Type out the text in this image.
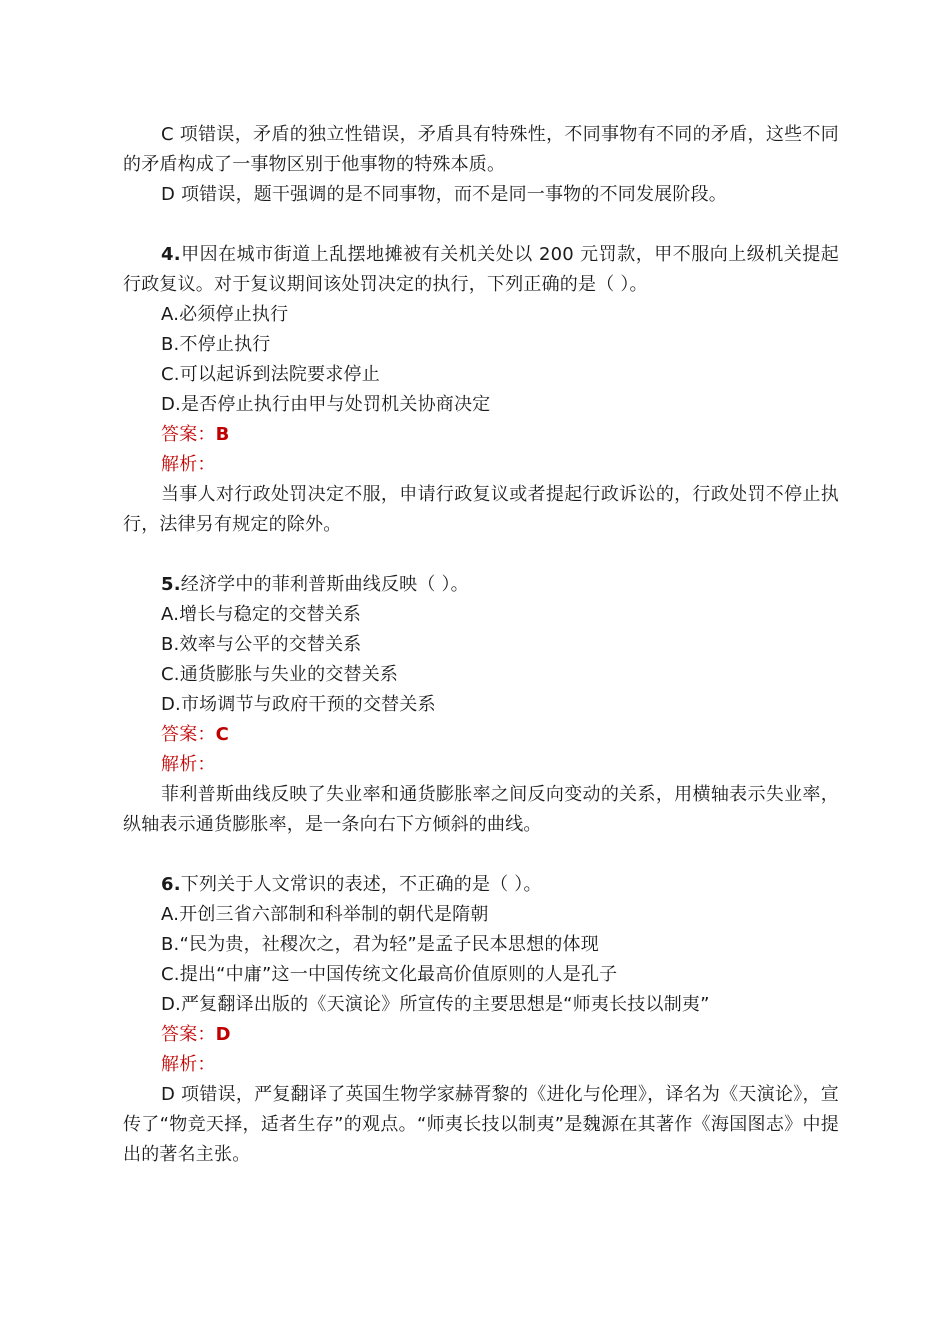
C 项错误，矛盾的独立性错误，矛盾具有特殊性，不同事物有不同的矛盾，这些不同的矛盾构成了一事物区别于他事物的特殊本质。

D 项错误，题干强调的是不同事物，而不是同一事物的不同发展阶段。

4.甲因在城市街道上乱摆地摊被有关机关处以 200 元罚款，甲不服向上级机关提起行政复议。对于复议期间该处罚决定的执行，下列正确的是（ ）。

A.必须停止执行

B.不停止执行

C.可以起诉到法院要求停止

D.是否停止执行由甲与处罚机关协商决定

答案：B

解析：

当事人对行政处罚决定不服，申请行政复议或者提起行政诉讼的，行政处罚不停止执行，法律另有规定的除外。

5.经济学中的菲利普斯曲线反映（ ）。

A.增长与稳定的交替关系

B.效率与公平的交替关系

C.通货膨胀与失业的交替关系

D.市场调节与政府干预的交替关系

答案：C

解析：

菲利普斯曲线反映了失业率和通货膨胀率之间反向变动的关系，用横轴表示失业率，纵轴表示通货膨胀率，是一条向右下方倾斜的曲线。

6.下列关于人文常识的表述，不正确的是（ ）。

A.开创三省六部制和科举制的朝代是隋朝

B.“民为贵，社稷次之，君为轻”是孟子民本思想的体现

C.提出“中庸”这一中国传统文化最高价值原则的人是孔子

D.严复翻译出版的《天演论》所宣传的主要思想是“师夷长技以制夷”

答案：D

解析：

D 项错误，严复翻译了英国生物学家赫胥黎的《进化与伦理》，译名为《天演论》，宣传了“物竞天择，适者生存”的观点。“师夷长技以制夷”是魏源在其著作《海国图志》中提出的著名主张。
